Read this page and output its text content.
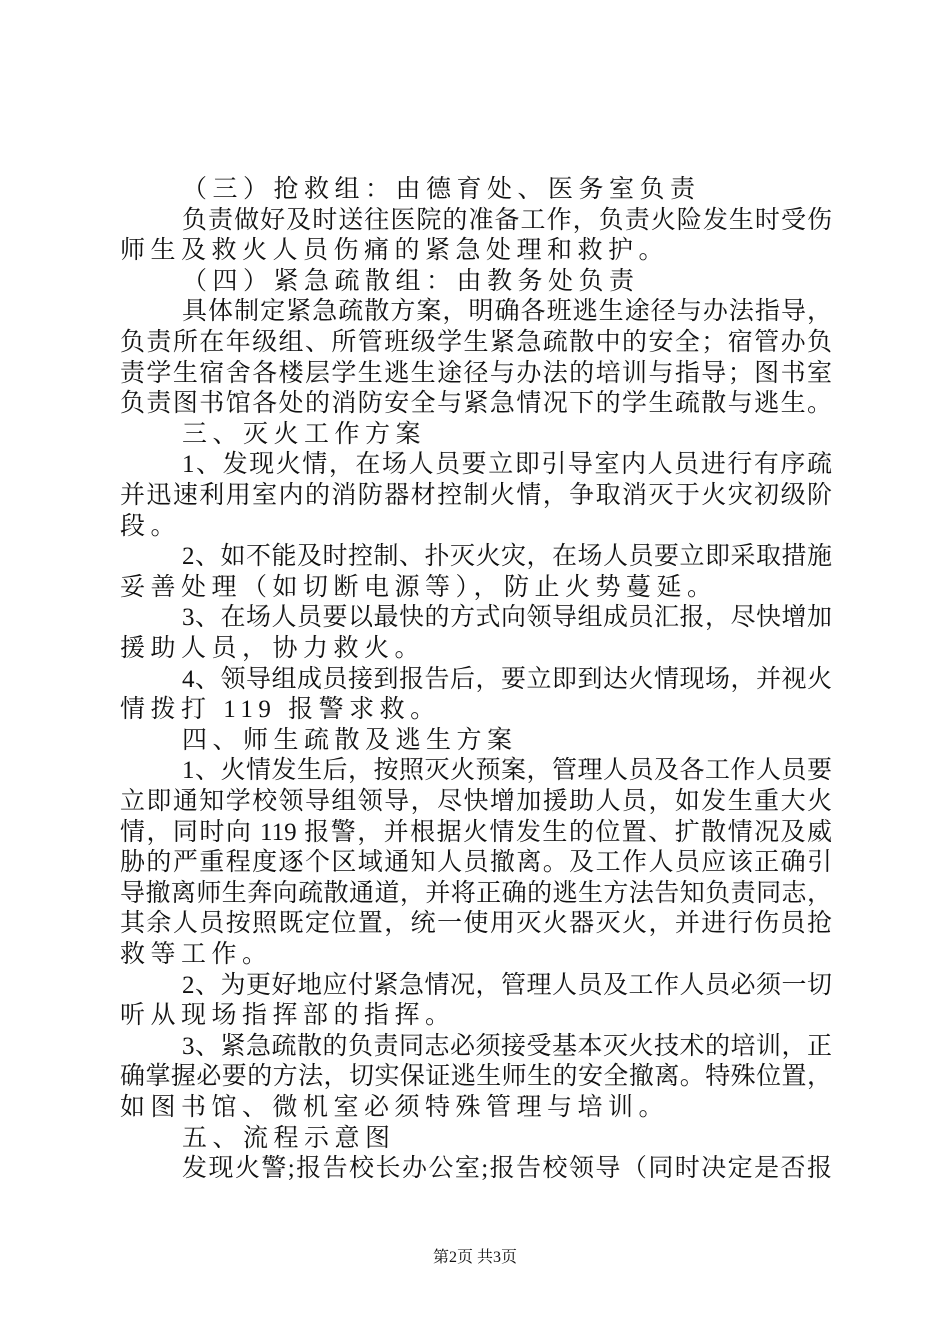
（三）抢救组：由德育处、医务室负责
负责做好及时送往医院的准备工作，负责火险发生时受伤
师生及救火人员伤痛的紧急处理和救护。
（四）紧急疏散组：由教务处负责
具体制定紧急疏散方案，明确各班逃生途径与办法指导，
负责所在年级组、所管班级学生紧急疏散中的安全；宿管办负
责学生宿舍各楼层学生逃生途径与办法的培训与指导；图书室
负责图书馆各处的消防安全与紧急情况下的学生疏散与逃生。
三、灭火工作方案
1、发现火情，在场人员要立即引导室内人员进行有序疏
并迅速利用室内的消防器材控制火情，争取消灭于火灾初级阶
段。
2、如不能及时控制、扑灭火灾，在场人员要立即采取措施
妥善处理（如切断电源等），防止火势蔓延。
3、在场人员要以最快的方式向领导组成员汇报，尽快增加
援助人员，协力救火。
4、领导组成员接到报告后，要立即到达火情现场，并视火
情拨打 119 报警求救。
四、师生疏散及逃生方案
1、火情发生后，按照灭火预案，管理人员及各工作人员要
立即通知学校领导组领导，尽快增加援助人员，如发生重大火
情，同时向 119 报警，并根据火情发生的位置、扩散情况及威
胁的严重程度逐个区域通知人员撤离。及工作人员应该正确引
导撤离师生奔向疏散通道，并将正确的逃生方法告知负责同志，
其余人员按照既定位置，统一使用灭火器灭火，并进行伤员抢
救等工作。
2、为更好地应付紧急情况，管理人员及工作人员必须一切
听从现场指挥部的指挥。
3、紧急疏散的负责同志必须接受基本灭火技术的培训，正
确掌握必要的方法，切实保证逃生师生的安全撤离。特殊位置，
如图书馆、微机室必须特殊管理与培训。
五、流程示意图
发现火警;报告校长办公室;报告校领导（同时决定是否报
第2页 共3页
